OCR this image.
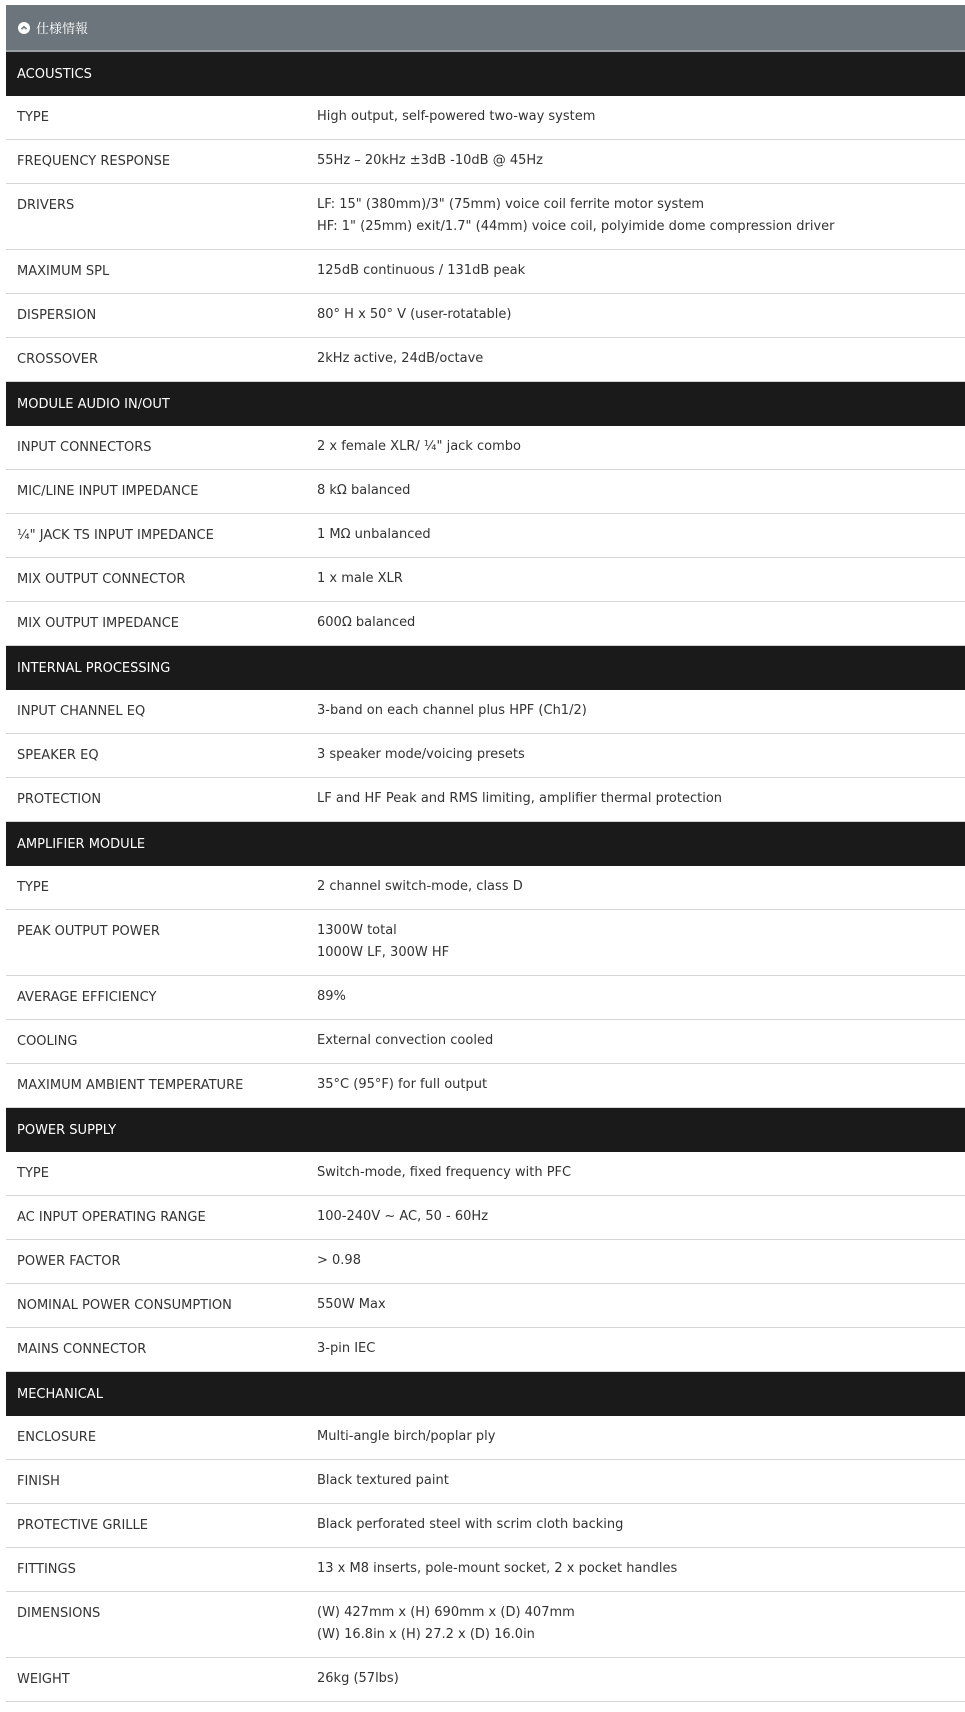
仕様情報
ACOUSTICS
TYPE	High output, self-powered two-way system
FREQUENCY RESPONSE	55Hz – 20kHz ±3dB -10dB @ 45Hz
DRIVERS	LF: 15" (380mm)/3" (75mm) voice coil ferrite motor system
HF: 1" (25mm) exit/1.7" (44mm) voice coil, polyimide dome compression driver
MAXIMUM SPL	125dB continuous / 131dB peak
DISPERSION	80° H x 50° V (user-rotatable)
CROSSOVER	2kHz active, 24dB/octave
MODULE AUDIO IN/OUT
INPUT CONNECTORS	2 x female XLR/ ¼" jack combo
MIC/LINE INPUT IMPEDANCE	8 kΩ balanced
¼" JACK TS INPUT IMPEDANCE	1 MΩ unbalanced
MIX OUTPUT CONNECTOR	1 x male XLR
MIX OUTPUT IMPEDANCE	600Ω balanced
INTERNAL PROCESSING
INPUT CHANNEL EQ	3-band on each channel plus HPF (Ch1/2)
SPEAKER EQ	3 speaker mode/voicing presets
PROTECTION	LF and HF Peak and RMS limiting, amplifier thermal protection
AMPLIFIER MODULE
TYPE	2 channel switch-mode, class D
PEAK OUTPUT POWER	1300W total
1000W LF, 300W HF
AVERAGE EFFICIENCY	89%
COOLING	External convection cooled
MAXIMUM AMBIENT TEMPERATURE	35°C (95°F) for full output
POWER SUPPLY
TYPE	Switch-mode, fixed frequency with PFC
AC INPUT OPERATING RANGE	100-240V ~ AC, 50 - 60Hz
POWER FACTOR	> 0.98
NOMINAL POWER CONSUMPTION	550W Max
MAINS CONNECTOR	3-pin IEC
MECHANICAL
ENCLOSURE	Multi-angle birch/poplar ply
FINISH	Black textured paint
PROTECTIVE GRILLE	Black perforated steel with scrim cloth backing
FITTINGS	13 x M8 inserts, pole-mount socket, 2 x pocket handles
DIMENSIONS	(W) 427mm x (H) 690mm x (D) 407mm
(W) 16.8in x (H) 27.2 x (D) 16.0in
WEIGHT	26kg (57lbs)
